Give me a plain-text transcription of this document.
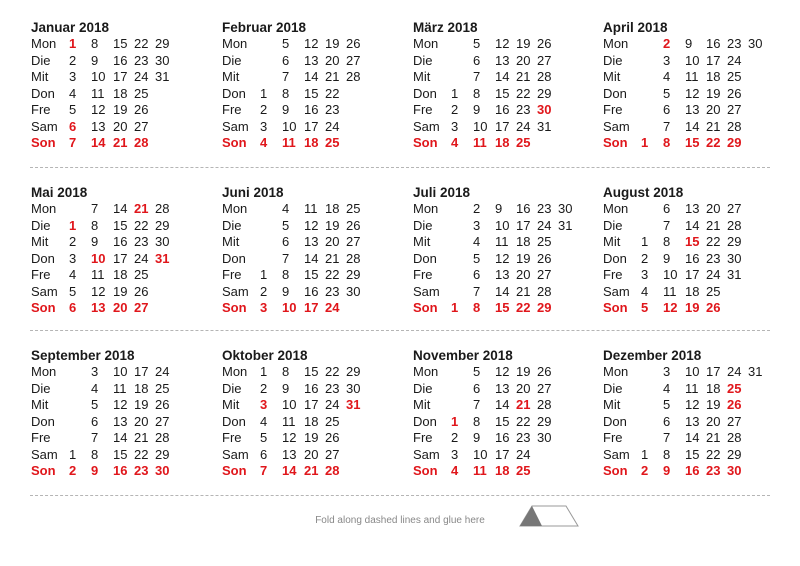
Januar 2018
Mon 1 8 15 22 29
Die 2 9 16 23 30
Mit 3 10 17 24 31
Don 4 11 18 25
Fre 5 12 19 26
Sam 6 13 20 27
Son 7 14 21 28
Februar 2018
Mon	5 12 19 26
Die	6 13 20 27
Mit	7 14 21 28
Don 1 8 15 22
Fre 2 9 16 23
Sam 3 10 17 24
Son 4 11 18 25
März 2018
Mon	5 12 19 26
Die	6 13 20 27
Mit	7 14 21 28
Don 1 8 15 22 29
Fre 2 9 16 23 30
Sam 3 10 17 24 31
Son 4 11 18 25
April 2018
Mon	2 9 16 23 30
Die	3 10 17 24
Mit	4 11 18 25
Don	5 12 19 26
Fre	6 13 20 27
Sam	7 14 21 28
Son 1 8 15 22 29
Mai 2018
Mon	7 14 21 28
Die 1 8 15 22 29
Mit 2 9 16 23 30
Don 3 10 17 24 31
Fre 4 11 18 25
Sam 5 12 19 26
Son 6 13 20 27
Juni 2018
Mon	4 11 18 25
Die	5 12 19 26
Mit	6 13 20 27
Don	7 14 21 28
Fre 1 8 15 22 29
Sam 2 9 16 23 30
Son 3 10 17 24
Juli 2018
Mon	2 9 16 23 30
Die	3 10 17 24 31
Mit	4 11 18 25
Don	5 12 19 26
Fre	6 13 20 27
Sam	7 14 21 28
Son 1 8 15 22 29
August 2018
Mon	6 13 20 27
Die	7 14 21 28
Mit 1 8 15 22 29
Don 2 9 16 23 30
Fre 3 10 17 24 31
Sam 4 11 18 25
Son 5 12 19 26
September 2018
Mon	3 10 17 24
Die	4 11 18 25
Mit	5 12 19 26
Don	6 13 20 27
Fre	7 14 21 28
Sam 1 8 15 22 29
Son 2 9 16 23 30
Oktober 2018
Mon 1 8 15 22 29
Die 2 9 16 23 30
Mit 3 10 17 24 31
Don 4 11 18 25
Fre 5 12 19 26
Sam 6 13 20 27
Son 7 14 21 28
November 2018
Mon	5 12 19 26
Die	6 13 20 27
Mit	7 14 21 28
Don 1 8 15 22 29
Fre 2 9 16 23 30
Sam 3 10 17 24
Son 4 11 18 25
Dezember 2018
Mon	3 10 17 24 31
Die	4 11 18 25
Mit	5 12 19 26
Don	6 13 20 27
Fre	7 14 21 28
Sam 1 8 15 22 29
Son 2 9 16 23 30
Fold along dashed lines and glue here
